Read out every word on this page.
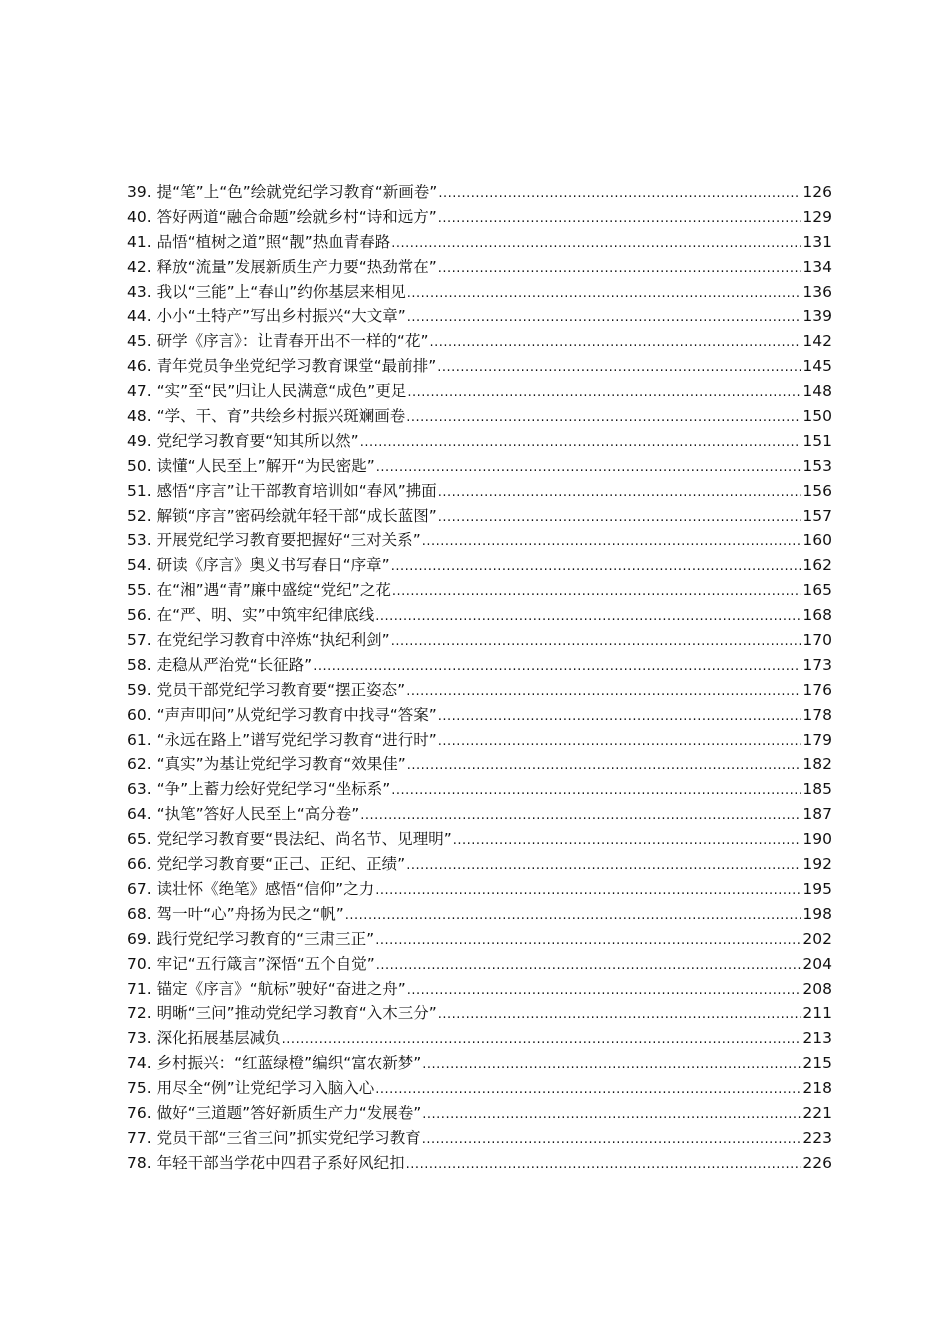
39. 提“笔”上“色”绘就党纪学习教育“新画卷” .....	126
40. 答好两道“融合命题”绘就乡村“诗和远方” .....	129
41. 品悟“植树之道”照“靓”热血青春路 .....	131
42. 释放“流量”发展新质生产力要“热劲常在” .....	134
43. 我以“三能”上“春山”约你基层来相见 .....	136
44. 小小“土特产”写出乡村振兴“大文章” .....	139
45. 研学《序言》：让青春开出不一样的“花” .....	142
46. 青年党员争坐党纪学习教育课堂“最前排” .....	145
47. “实”至“民”归让人民满意“成色”更足 .....	148
48. “学、干、育”共绘乡村振兴斑斓画卷 .....	150
49. 党纪学习教育要“知其所以然” .....	151
50. 读懂“人民至上”解开“为民密匙” .....	153
51. 感悟“序言”让干部教育培训如“春风”拂面 .....	156
52. 解锁“序言”密码绘就年轻干部“成长蓝图” .....	157
53. 开展党纪学习教育要把握好“三对关系” .....	160
54. 研读《序言》奥义书写春日“序章” .....	162
55. 在“湘”遇“青”廉中盛绽“党纪”之花 .....	165
56. 在“严、明、实”中筑牢纪律底线 .....	168
57. 在党纪学习教育中淬炼“执纪利剑” .....	170
58. 走稳从严治党“长征路” .....	173
59. 党员干部党纪学习教育要“摆正姿态” .....	176
60. “声声叩问”从党纪学习教育中找寻“答案” .....	178
61. “永远在路上”谱写党纪学习教育“进行时” .....	179
62. “真实”为基让党纪学习教育“效果佳” .....	182
63. “争”上蓄力绘好党纪学习“坐标系” .....	185
64. “执笔”答好人民至上“高分卷” .....	187
65. 党纪学习教育要“畏法纪、尚名节、见理明” .....	190
66. 党纪学习教育要“正己、正纪、正绩” .....	192
67. 读壮怀《绝笔》感悟“信仰”之力 .....	195
68. 驾一叶“心”舟扬为民之“帆” .....	198
69. 践行党纪学习教育的“三肃三正” .....	202
70. 牢记“五行箴言”深悟“五个自觉” .....	204
71. 锚定《序言》“航标”驶好“奋进之舟” .....	208
72. 明晰“三问”推动党纪学习教育“入木三分” .....	211
73. 深化拓展基层减负 .....	213
74. 乡村振兴：“红蓝绿橙”编织“富农新梦” .....	215
75. 用尽全“例”让党纪学习入脑入心 .....	218
76. 做好“三道题”答好新质生产力“发展卷” .....	221
77. 党员干部“三省三问”抓实党纪学习教育 .....	223
78. 年轻干部当学花中四君子系好风纪扣 .....	226
